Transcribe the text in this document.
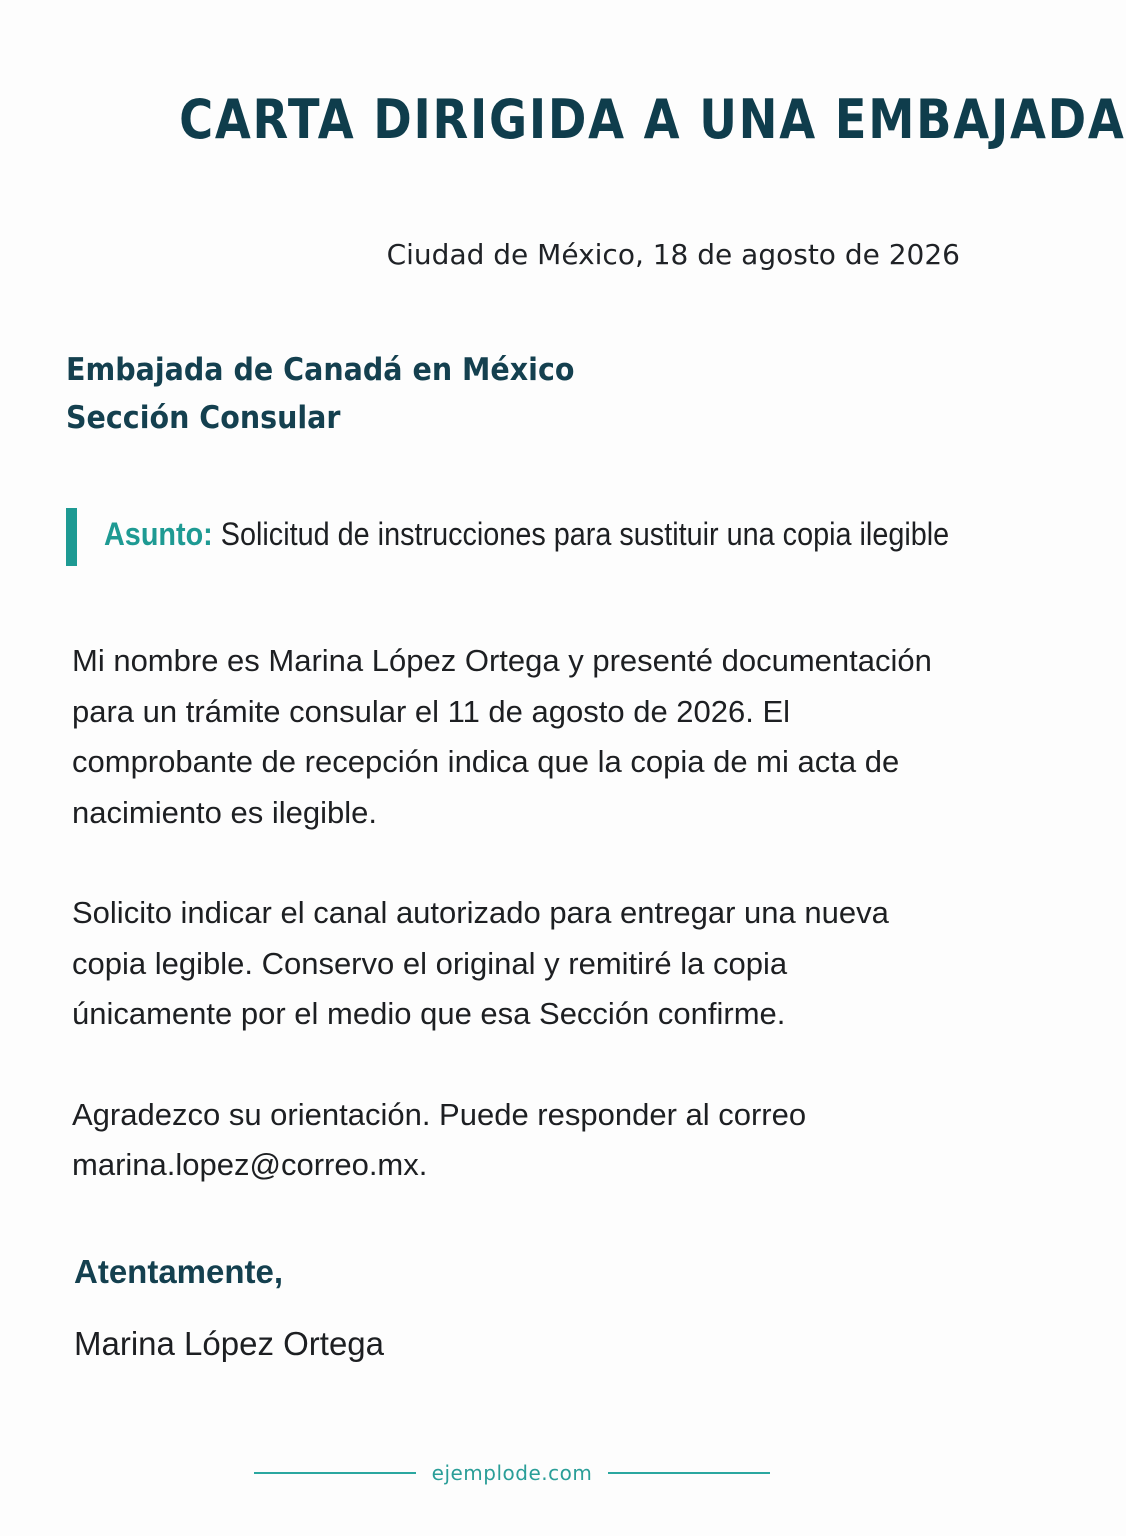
CARTA DIRIGIDA A UNA EMBAJADA
Ciudad de México, 18 de agosto de 2026
Embajada de Canadá en México
Sección Consular
Asunto: Solicitud de instrucciones para sustituir una copia ilegible

Mi nombre es Marina López Ortega y presenté documentación para un trámite consular el 11 de agosto de 2026. El comprobante de recepción indica que la copia de mi acta de nacimiento es ilegible.

Solicito indicar el canal autorizado para entregar una nueva copia legible. Conservo el original y remitiré la copia únicamente por el medio que esa Sección confirme.

Agradezco su orientación. Puede responder al correo marina.lopez@correo.mx.

Atentamente,
Marina López Ortega
ejemplode.com
